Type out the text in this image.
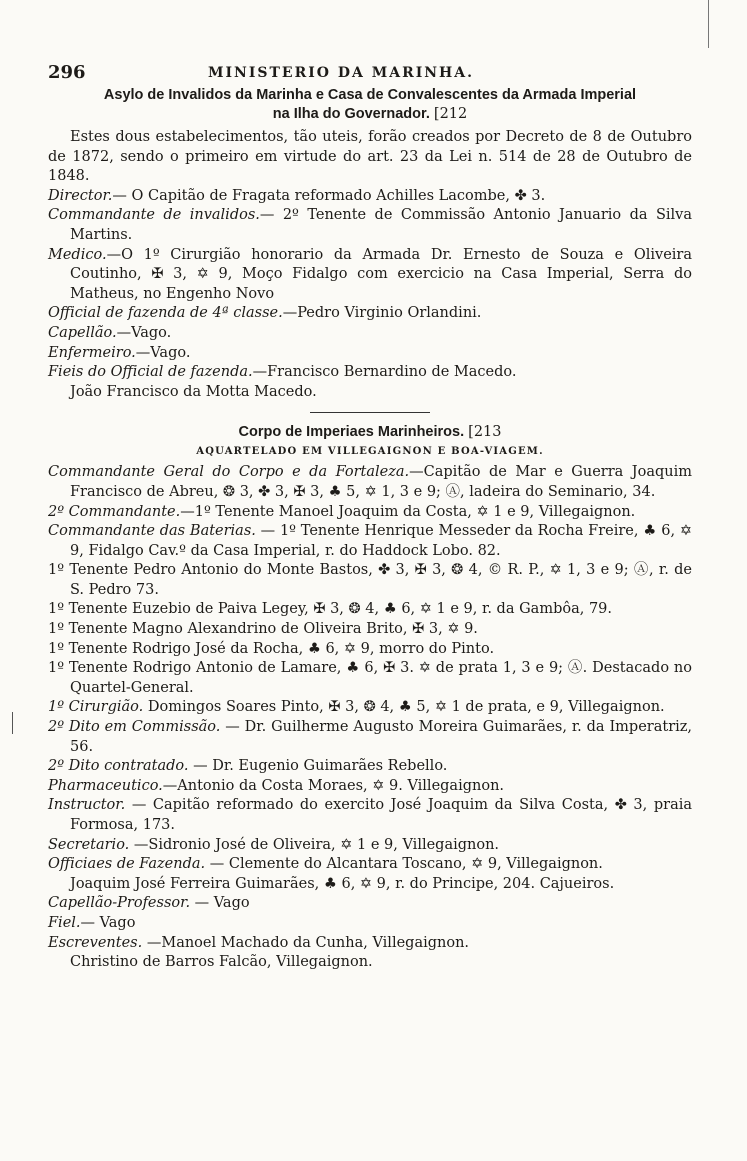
296	MINISTERIO DA MARINHA.
Asylo de Invalidos da Marinha e Casa de Convalescentes da Armada Imperial
na Ilha do Governador. [212

Estes dous estabelecimentos, tão uteis, forão creados por Decreto de 8 de Outubro de 1872, sendo o primeiro em virtude do art. 23 da Lei n. 514 de 28 de Outubro de 1848.

Director.— O Capitão de Fragata reformado Achilles Lacombe, ✤ 3.

Commandante de invalidos.— 2º Tenente de Commissão Antonio Januario da Silva Martins.

Medico.—O 1º Cirurgião honorario da Armada Dr. Ernesto de Souza e Oliveira Coutinho, ✠ 3, ✡ 9, Moço Fidalgo com exercicio na Casa Imperial, Serra do Matheus, no Engenho Novo

Official de fazenda de 4ª classe.—Pedro Virginio Orlandini.

Capellão.—Vago.

Enfermeiro.—Vago.

Fieis do Official de fazenda.—Francisco Bernardino de Macedo.

João Francisco da Motta Macedo.

Corpo de Imperiaes Marinheiros. [213
AQUARTELADO EM VILLEGAIGNON E BOA-VIAGEM.

Commandante Geral do Corpo e da Fortaleza.—Capitão de Mar e Guerra Joaquim Francisco de Abreu, ❂ 3, ✤ 3, ✠ 3, ♣ 5, ✡ 1, 3 e 9; Ⓐ, ladeira do Seminario, 34.

2º Commandante.—1º Tenente Manoel Joaquim da Costa, ✡ 1 e 9, Villegaignon.

Commandante das Baterias. — 1º Tenente Henrique Messeder da Rocha Freire, ♣ 6, ✡ 9, Fidalgo Cav.º da Casa Imperial, r. do Haddock Lobo. 82.

1º Tenente Pedro Antonio do Monte Bastos, ✤ 3, ✠ 3, ❂ 4, © R. P., ✡ 1, 3 e 9; Ⓐ, r. de S. Pedro 73.

1º Tenente Euzebio de Paiva Legey, ✠ 3, ❂ 4, ♣ 6, ✡ 1 e 9, r. da Gambôa, 79.

1º Tenente Magno Alexandrino de Oliveira Brito, ✠ 3, ✡ 9.

1º Tenente Rodrigo José da Rocha, ♣ 6, ✡ 9, morro do Pinto.

1º Tenente Rodrigo Antonio de Lamare, ♣ 6, ✠ 3. ✡ de prata 1, 3 e 9; Ⓐ. Destacado no Quartel-General.

1º Cirurgião. Domingos Soares Pinto, ✠ 3, ❂ 4, ♣ 5, ✡ 1 de prata, e 9, Villegaignon.

2º Dito em Commissão. — Dr. Guilherme Augusto Moreira Guimarães, r. da Imperatriz, 56.

2º Dito contratado. — Dr. Eugenio Guimarães Rebello.

Pharmaceutico.—Antonio da Costa Moraes, ✡ 9. Villegaignon.

Instructor. — Capitão reformado do exercito José Joaquim da Silva Costa, ✤ 3, praia Formosa, 173.

Secretario. —Sidronio José de Oliveira, ✡ 1 e 9, Villegaignon.

Officiaes de Fazenda. — Clemente do Alcantara Toscano, ✡ 9, Villegaignon.

Joaquim José Ferreira Guimarães, ♣ 6, ✡ 9, r. do Principe, 204. Cajueiros.

Capellão-Professor. — Vago

Fiel.— Vago

Escreventes. —Manoel Machado da Cunha, Villegaignon.

Christino de Barros Falcão, Villegaignon.
